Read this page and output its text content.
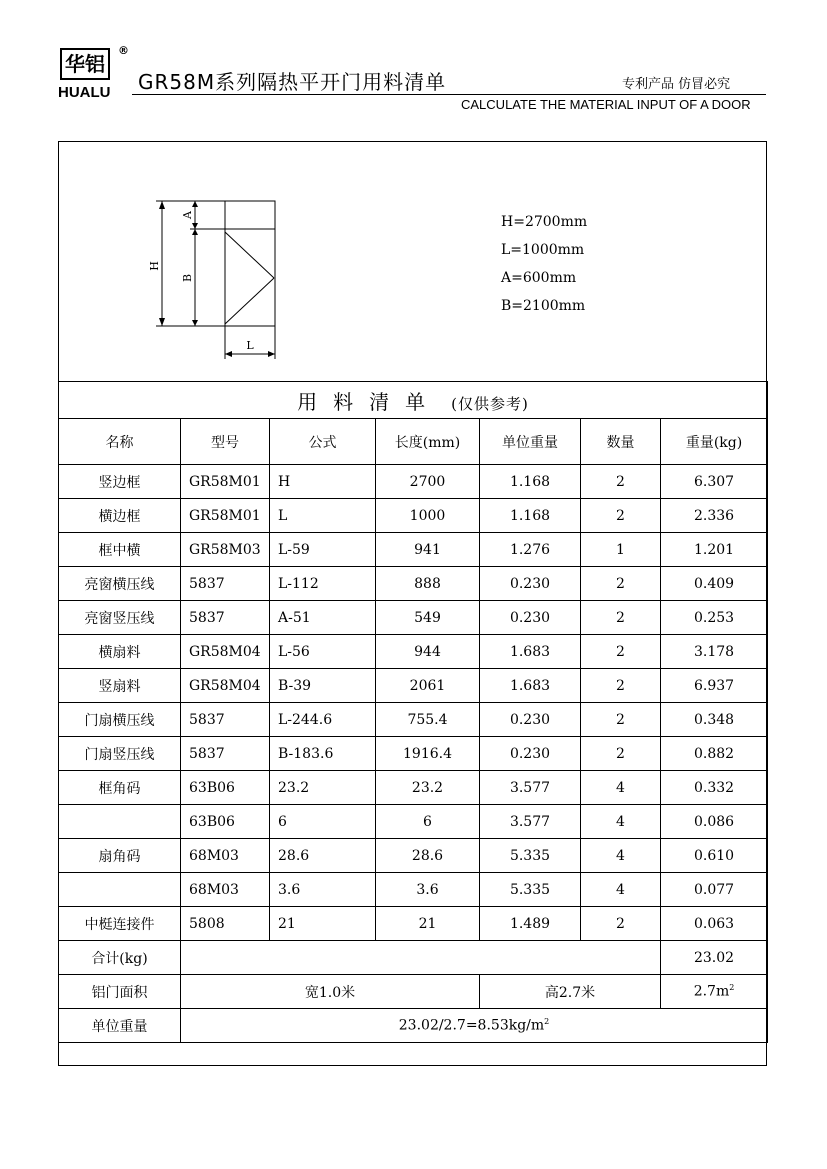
华铝
®
HUALU GR58M系列隔热平开门用料清单	专利产品 仿冒必究
CALCULATE THE MATERIAL INPUT OF A DOOR
H
A
B
L
H=2700mm
L=1000mm
A=600mm
B=2100mm
用料清单 (仅供参考)						
名称	型号	公式	长度(mm)	单位重量	数量	重量(kg)
竖边框	GR58M01	H	2700	1.168	2	6.307
横边框	GR58M01	L	1000	1.168	2	2.336
框中横	GR58M03	L-59	941	1.276	1	1.201
亮窗横压线	5837	L-112	888	0.230	2	0.409
亮窗竖压线	5837	A-51	549	0.230	2	0.253
横扇料	GR58M04	L-56	944	1.683	2	3.178
竖扇料	GR58M04	B-39	2061	1.683	2	6.937
门扇横压线	5837	L-244.6	755.4	0.230	2	0.348
门扇竖压线	5837	B-183.6	1916.4	0.230	2	0.882
框角码	63B06	23.2	23.2	3.577	4	0.332
	63B06	6	6	3.577	4	0.086
扇角码	68M03	28.6	28.6	5.335	4	0.610
	68M03	3.6	3.6	5.335	4	0.077
中梃连接件	5808	21	21	1.489	2	0.063
合计(kg)						23.02
铝门面积	宽1.0米			高2.7米		$2.7m^2$
单位重量	$23.02/2.7=8.53kg/m^2$
